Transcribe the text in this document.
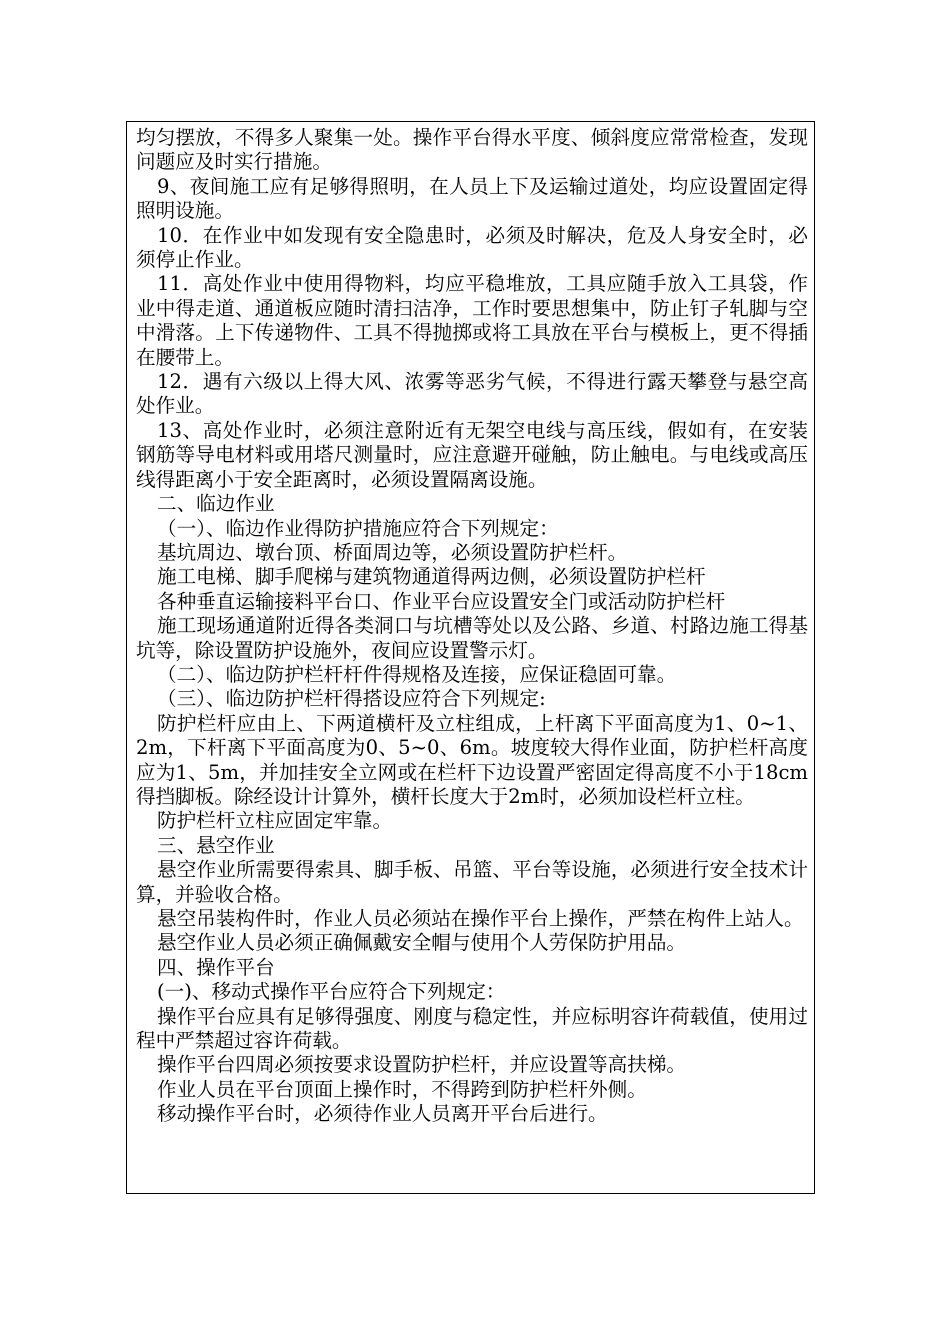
均匀摆放，不得多人聚集一处。操作平台得水平度、倾斜度应常常检查，发现问题应及时实行措施。

9、夜间施工应有足够得照明，在人员上下及运输过道处，均应设置固定得照明设施。

10．在作业中如发现有安全隐患时，必须及时解决，危及人身安全时，必须停止作业。

11．高处作业中使用得物料，均应平稳堆放，工具应随手放入工具袋，作业中得走道、通道板应随时清扫洁净，工作时要思想集中，防止钉子轧脚与空中滑落。上下传递物件、工具不得抛掷或将工具放在平台与模板上，更不得插在腰带上。

12．遇有六级以上得大风、浓雾等恶劣气候，不得进行露天攀登与悬空高处作业。

13、高处作业时，必须注意附近有无架空电线与高压线，假如有，在安装钢筋等导电材料或用塔尺测量时，应注意避开碰触，防止触电。与电线或高压线得距离小于安全距离时，必须设置隔离设施。

二、临边作业

（一）、临边作业得防护措施应符合下列规定：

基坑周边、墩台顶、桥面周边等，必须设置防护栏杆。

施工电梯、脚手爬梯与建筑物通道得两边侧，必须设置防护栏杆

各种垂直运输接料平台口、作业平台应设置安全门或活动防护栏杆

施工现场通道附近得各类洞口与坑槽等处以及公路、乡道、村路边施工得基坑等，除设置防护设施外，夜间应设置警示灯。

（二）、临边防护栏杆杆件得规格及连接，应保证稳固可靠。

（三）、临边防护栏杆得搭设应符合下列规定:

防护栏杆应由上、下两道横杆及立柱组成，上杆离下平面高度为1、0~1、2m，下杆离下平面高度为0、5~0、6m。坡度较大得作业面，防护栏杆高度应为1、5m，并加挂安全立网或在栏杆下边设置严密固定得高度不小于18cm得挡脚板。除经设计计算外，横杆长度大于2m时，必须加设栏杆立柱。

防护栏杆立柱应固定牢靠。

三、悬空作业

悬空作业所需要得索具、脚手板、吊篮、平台等设施，必须进行安全技术计算，并验收合格。

悬空吊装构件时，作业人员必须站在操作平台上操作，严禁在构件上站人。

悬空作业人员必须正确佩戴安全帽与使用个人劳保防护用品。

四、操作平台

(一)、移动式操作平台应符合下列规定：

操作平台应具有足够得强度、刚度与稳定性，并应标明容许荷载值，使用过程中严禁超过容许荷载。

操作平台四周必须按要求设置防护栏杆，并应设置等高扶梯。

作业人员在平台顶面上操作时，不得跨到防护栏杆外侧。

移动操作平台时，必须待作业人员离开平台后进行。
